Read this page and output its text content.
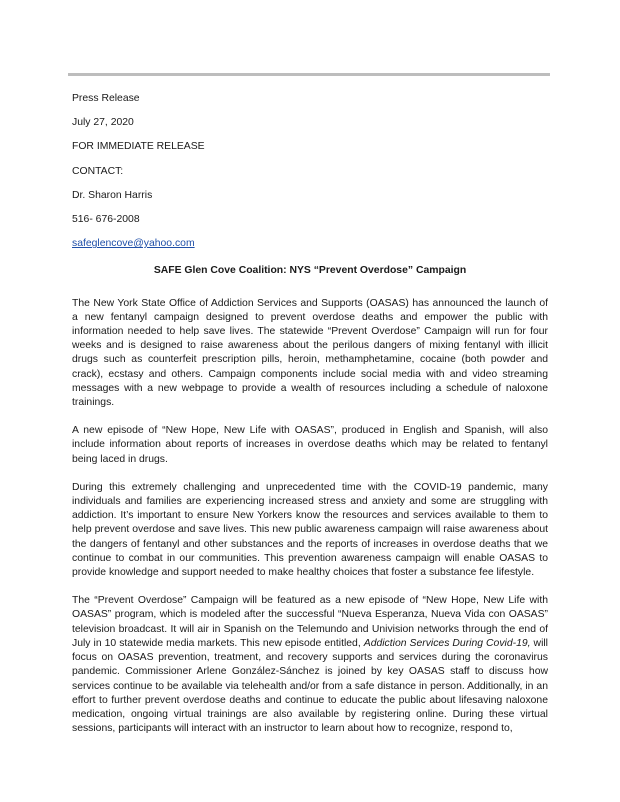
Press Release
July 27, 2020
FOR IMMEDIATE RELEASE
CONTACT:
Dr. Sharon Harris
516- 676-2008
safeglencove@yahoo.com
SAFE Glen Cove Coalition: NYS “Prevent Overdose” Campaign

The New York State Office of Addiction Services and Supports (OASAS) has announced the launch of a new fentanyl campaign designed to prevent overdose deaths and empower the public with information needed to help save lives. The statewide “Prevent Overdose” Campaign will run for four weeks and is designed to raise awareness about the perilous dangers of mixing fentanyl with illicit drugs such as counterfeit prescription pills, heroin, methamphetamine, cocaine (both powder and crack), ecstasy and others. Campaign components include social media with and video streaming messages with a new webpage to provide a wealth of resources including a schedule of naloxone trainings.

A new episode of “New Hope, New Life with OASAS”, produced in English and Spanish, will also include information about reports of increases in overdose deaths which may be related to fentanyl being laced in drugs.

During this extremely challenging and unprecedented time with the COVID-19 pandemic, many individuals and families are experiencing increased stress and anxiety and some are struggling with addiction. It’s important to ensure New Yorkers know the resources and services available to them to help prevent overdose and save lives. This new public awareness campaign will raise awareness about the dangers of fentanyl and other substances and the reports of increases in overdose deaths that we continue to combat in our communities. This prevention awareness campaign will enable OASAS to provide knowledge and support needed to make healthy choices that foster a substance fee lifestyle.

The “Prevent Overdose” Campaign will be featured as a new episode of “New Hope, New Life with OASAS” program, which is modeled after the successful “Nueva Esperanza, Nueva Vida con OASAS” television broadcast. It will air in Spanish on the Telemundo and Univision networks through the end of July in 10 statewide media markets. This new episode entitled, Addiction Services During Covid-19, will focus on OASAS prevention, treatment, and recovery supports and services during the coronavirus pandemic. Commissioner Arlene González-Sánchez is joined by key OASAS staff to discuss how services continue to be available via telehealth and/or from a safe distance in person. Additionally, in an effort to further prevent overdose deaths and continue to educate the public about lifesaving naloxone medication, ongoing virtual trainings are also available by registering online. During these virtual sessions, participants will interact with an instructor to learn about how to recognize, respond to,
